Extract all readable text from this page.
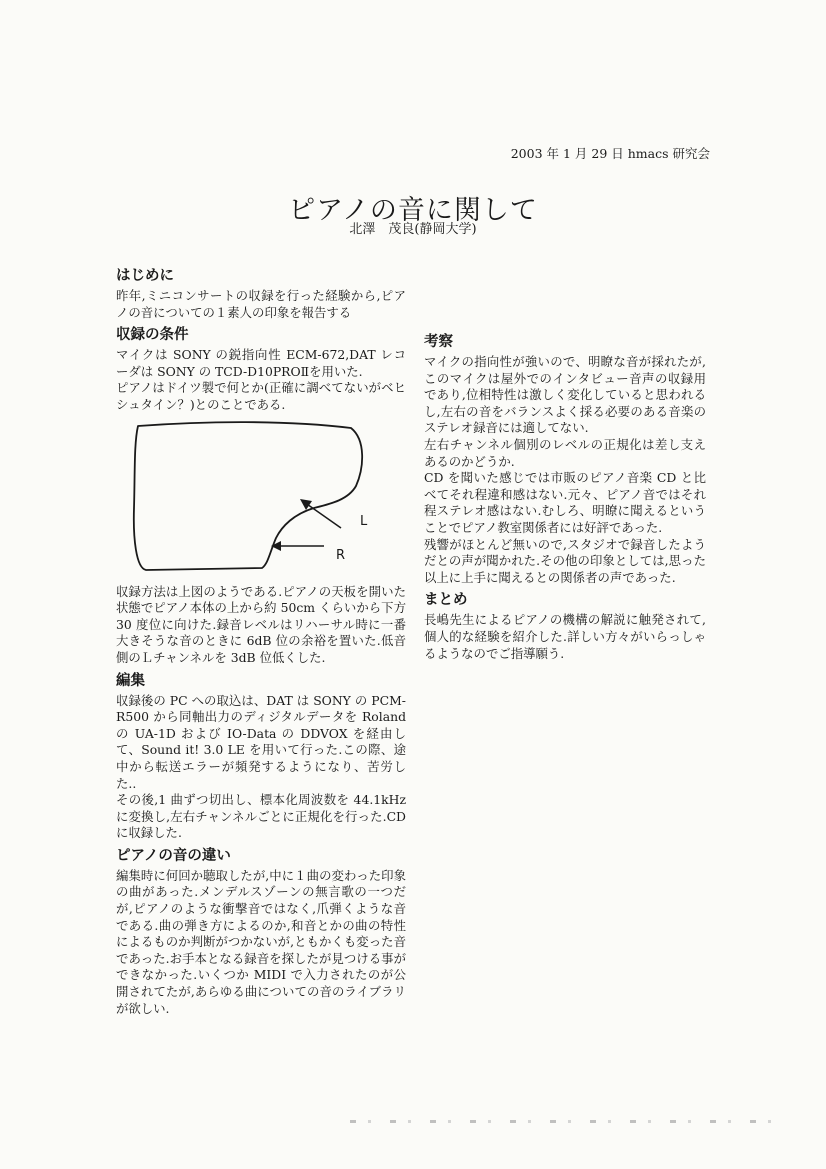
2003 年 1 月 29 日 hmacs 研究会
ピアノの音に関して
北澤　茂良(静岡大学)
はじめに

昨年,ミニコンサートの収録を行った経験から,ピアノの音についての１素人の印象を報告する

収録の条件

マイクは SONY の鋭指向性 ECM-672,DAT レコーダは SONY の TCD-D10PROⅡを用いた.

ピアノはドイツ製で何とか(正確に調べてないがベヒシュタイン？)とのことである.

L
R

収録方法は上図のようである.ピアノの天板を開いた状態でピアノ本体の上から約 50cm くらいから下方 30 度位に向けた.録音レベルはリハーサル時に一番大きそうな音のときに 6dB 位の余裕を置いた.低音側のＬチャンネルを 3dB 位低くした.

編集

収録後の PC への取込は、DAT は SONY の PCM-R500 から同軸出力のディジタルデータを Roland の UA-1D および IO-Data の DDVOX を経由して、Sound it! 3.0 LE を用いて行った.この際、途中から転送エラーが頻発するようになり、苦労した..

その後,1 曲ずつ切出し、標本化周波数を 44.1kHz に変換し,左右チャンネルごとに正規化を行った.CD に収録した.

ピアノの音の違い

編集時に何回か聴取したが,中に１曲の変わった印象の曲があった.メンデルスゾーンの無言歌の一つだが,ピアノのような衝撃音ではなく,爪弾くような音である.曲の弾き方によるのか,和音とかの曲の特性によるものか判断がつかないが,ともかくも変った音であった.お手本となる録音を探したが見つける事ができなかった.いくつか MIDI で入力されたのが公開されてたが,あらゆる曲についての音のライブラリが欲しい.

考察

マイクの指向性が強いので、明瞭な音が採れたが,このマイクは屋外でのインタビュー音声の収録用であり,位相特性は激しく変化していると思われるし,左右の音をバランスよく採る必要のある音楽のステレオ録音には適してない.

左右チャンネル個別のレベルの正規化は差し支えあるのかどうか.

CD を聞いた感じでは市販のピアノ音楽 CD と比べてそれ程違和感はない.元々、ピアノ音ではそれ程ステレオ感はない.むしろ、明瞭に聞えるということでピアノ教室関係者には好評であった.

残響がほとんど無いので,スタジオで録音したようだとの声が聞かれた.その他の印象としては,思った以上に上手に聞えるとの関係者の声であった.

まとめ

長嶋先生によるピアノの機構の解説に触発されて,個人的な経験を紹介した.詳しい方々がいらっしゃるようなのでご指導願う.
